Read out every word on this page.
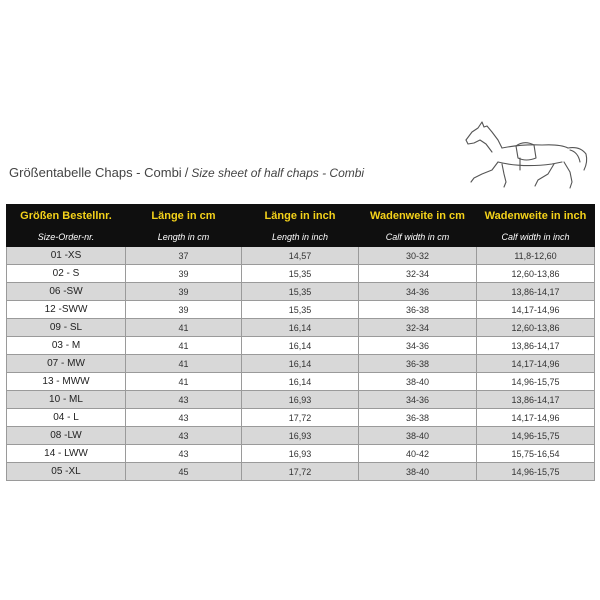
Größentabelle Chaps - Combi / Size sheet of half chaps - Combi
Größen Bestellnr.	Länge in cm	Länge in inch	Wadenweite in cm	Wadenweite in inch
Size-Order-nr.	Length in cm	Length in inch	Calf width in cm	Calf width in inch
01 -XS	37	14,57	30-32	11,8-12,60
02 - S	39	15,35	32-34	12,60-13,86
06 -SW	39	15,35	34-36	13,86-14,17
12 -SWW	39	15,35	36-38	14,17-14,96
09 - SL	41	16,14	32-34	12,60-13,86
03 - M	41	16,14	34-36	13,86-14,17
07 - MW	41	16,14	36-38	14,17-14,96
13 - MWW	41	16,14	38-40	14,96-15,75
10 - ML	43	16,93	34-36	13,86-14,17
04 - L	43	17,72	36-38	14,17-14,96
08 -LW	43	16,93	38-40	14,96-15,75
14 - LWW	43	16,93	40-42	15,75-16,54
05 -XL	45	17,72	38-40	14,96-15,75
